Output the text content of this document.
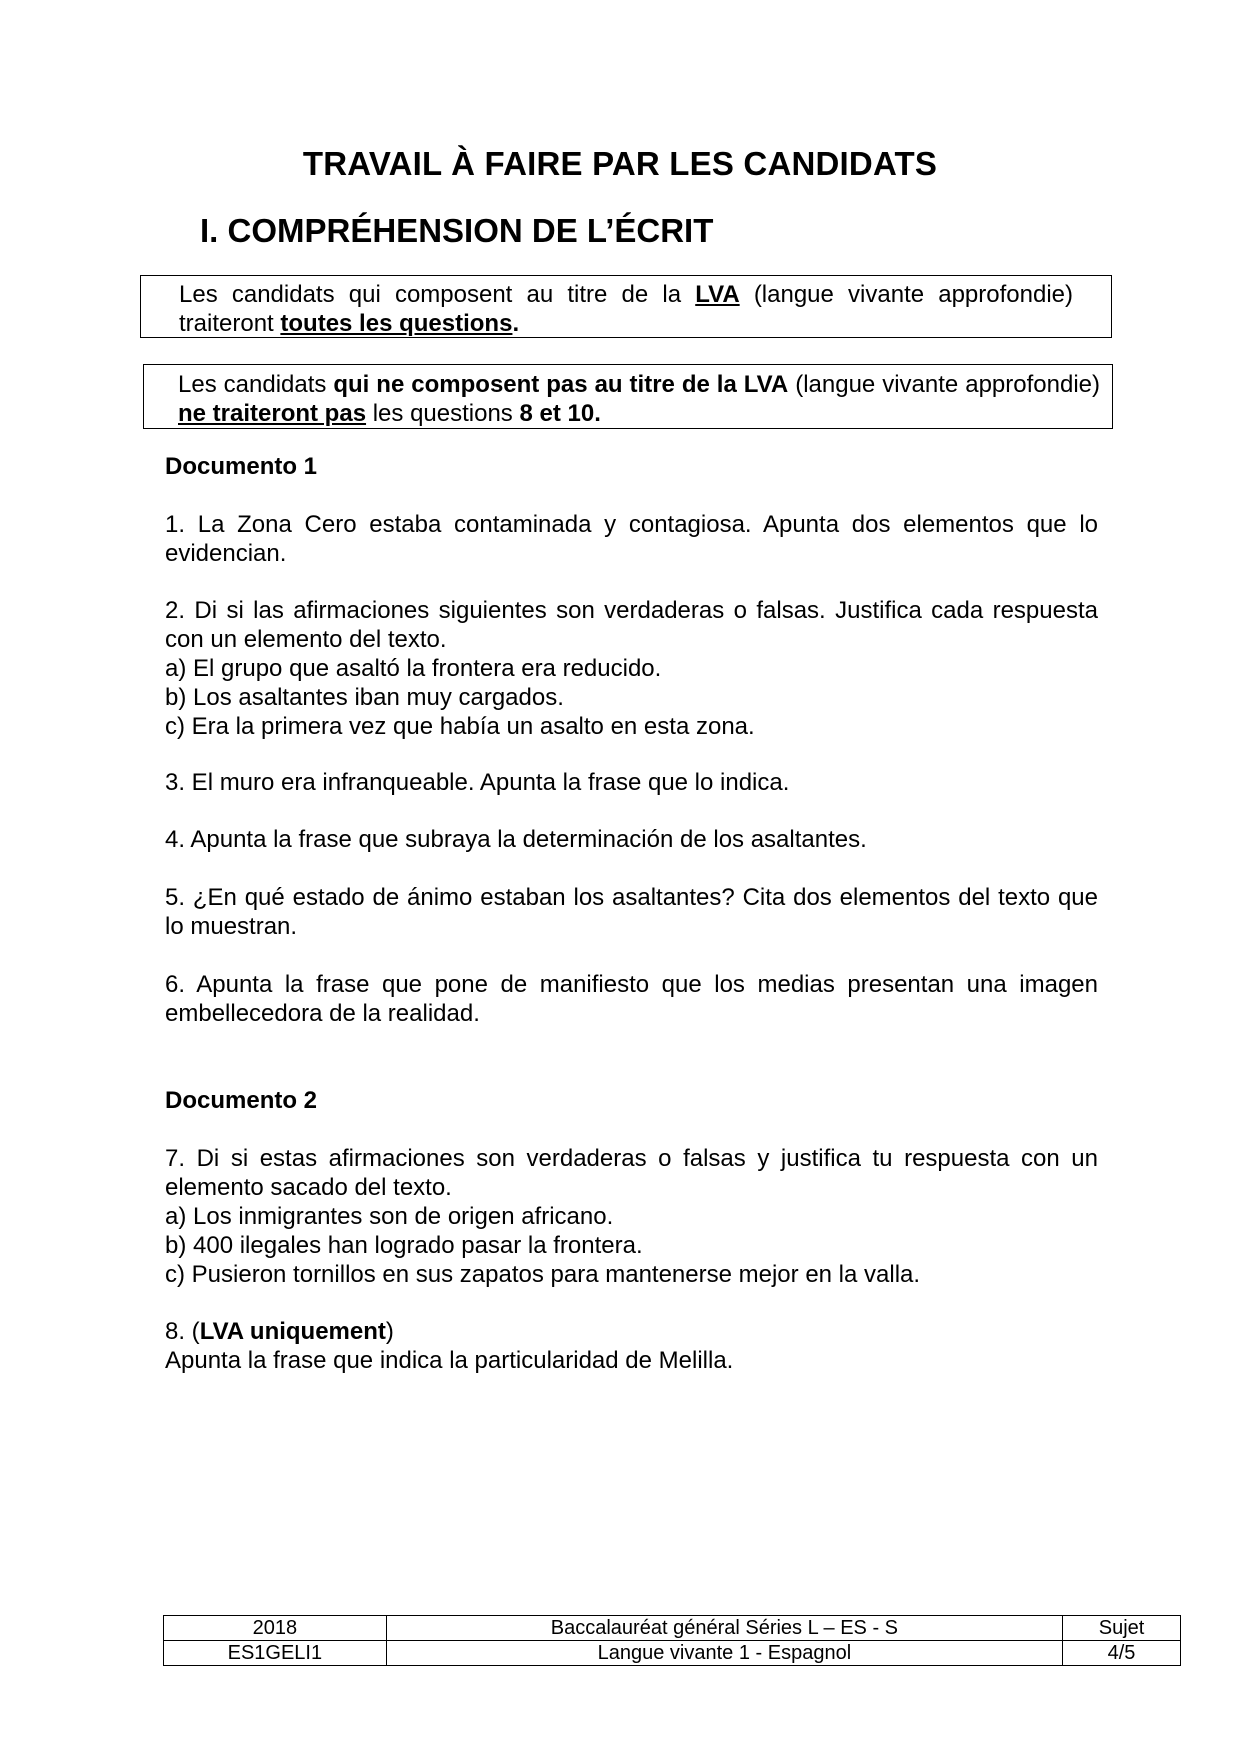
TRAVAIL À FAIRE PAR LES CANDIDATS
I. COMPRÉHENSION DE L’ÉCRIT
Les candidats qui composent au titre de la LVA (langue vivante approfondie) traiteront toutes les questions.
Les candidats qui ne composent pas au titre de la LVA (langue vivante approfondie) ne traiteront pas les questions 8 et 10.

Documento 1

1. La Zona Cero estaba contaminada y contagiosa. Apunta dos elementos que lo evidencian.

2. Di si las afirmaciones siguientes son verdaderas o falsas. Justifica cada respuesta con un elemento del texto.

a) El grupo que asaltó la frontera era reducido.

b) Los asaltantes iban muy cargados.

c) Era la primera vez que había un asalto en esta zona.

3. El muro era infranqueable. Apunta la frase que lo indica.

4. Apunta la frase que subraya la determinación de los asaltantes.

5. ¿En qué estado de ánimo estaban los asaltantes? Cita dos elementos del texto que lo muestran.

6. Apunta la frase que pone de manifiesto que los medias presentan una imagen embellecedora de la realidad.

Documento 2

7. Di si estas afirmaciones son verdaderas o falsas y justifica tu respuesta con un elemento sacado del texto.

a) Los inmigrantes son de origen africano.

b) 400 ilegales han logrado pasar la frontera.

c) Pusieron tornillos en sus zapatos para mantenerse mejor en la valla.

8. (LVA uniquement)

Apunta la frase que indica la particularidad de Melilla.

2018	Baccalauréat général Séries L – ES - S	Sujet
ES1GELI1	Langue vivante 1 - Espagnol	4/5
